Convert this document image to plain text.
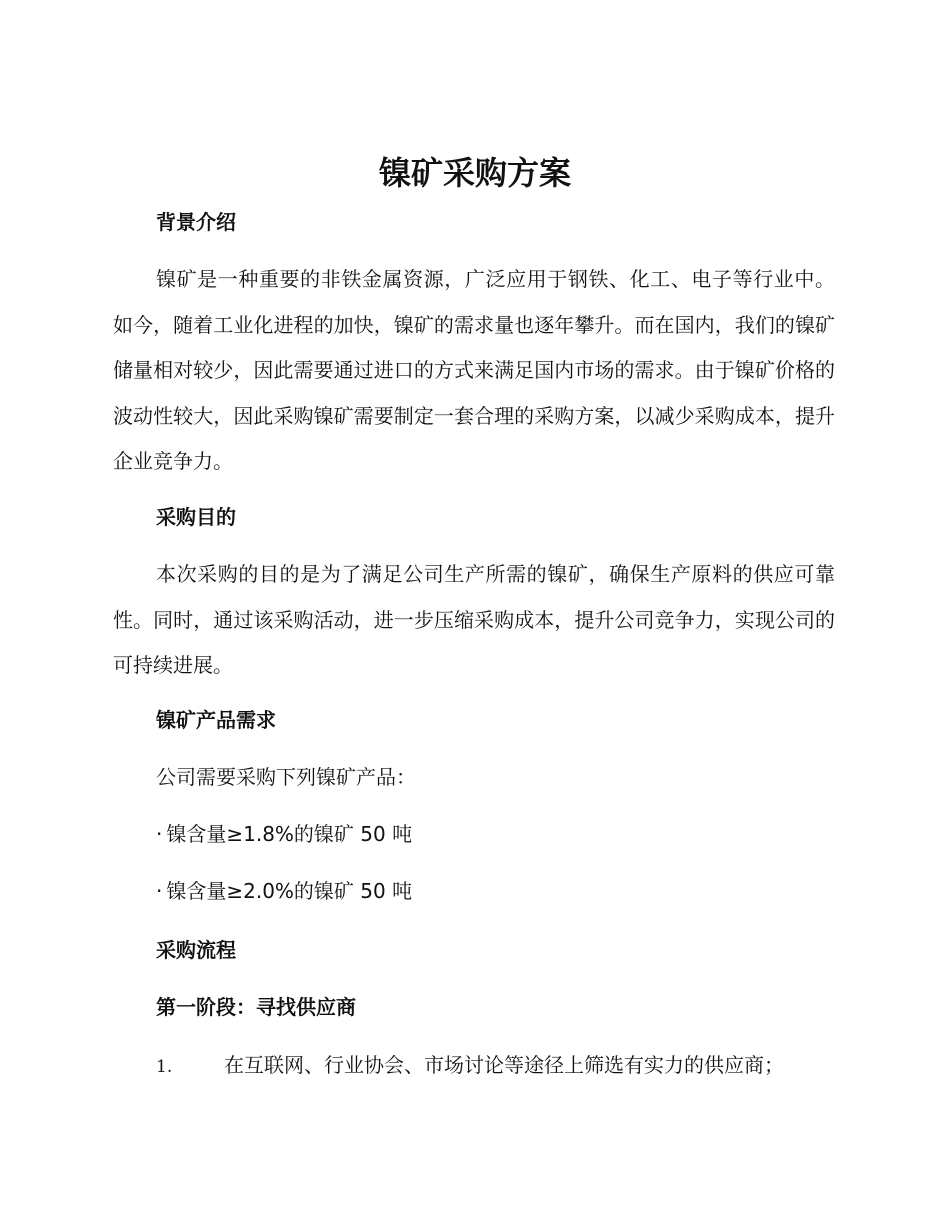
镍矿采购方案
背景介绍

镍矿是一种重要的非铁金属资源，广泛应用于钢铁、化工、电子等行业中。如今，随着工业化进程的加快，镍矿的需求量也逐年攀升。而在国内，我们的镍矿储量相对较少，因此需要通过进口的方式来满足国内市场的需求。由于镍矿价格的波动性较大，因此采购镍矿需要制定一套合理的采购方案，以减少采购成本，提升企业竞争力。

采购目的

本次采购的目的是为了满足公司生产所需的镍矿，确保生产原料的供应可靠性。同时，通过该采购活动，进一步压缩采购成本，提升公司竞争力，实现公司的可持续进展。

镍矿产品需求

公司需要采购下列镍矿产品：

· 镍含量≥1.8%的镍矿 50 吨

· 镍含量≥2.0%的镍矿 50 吨

采购流程
第一阶段：寻找供应商

1.	在互联网、行业协会、市场讨论等途径上筛选有实力的供应商；
